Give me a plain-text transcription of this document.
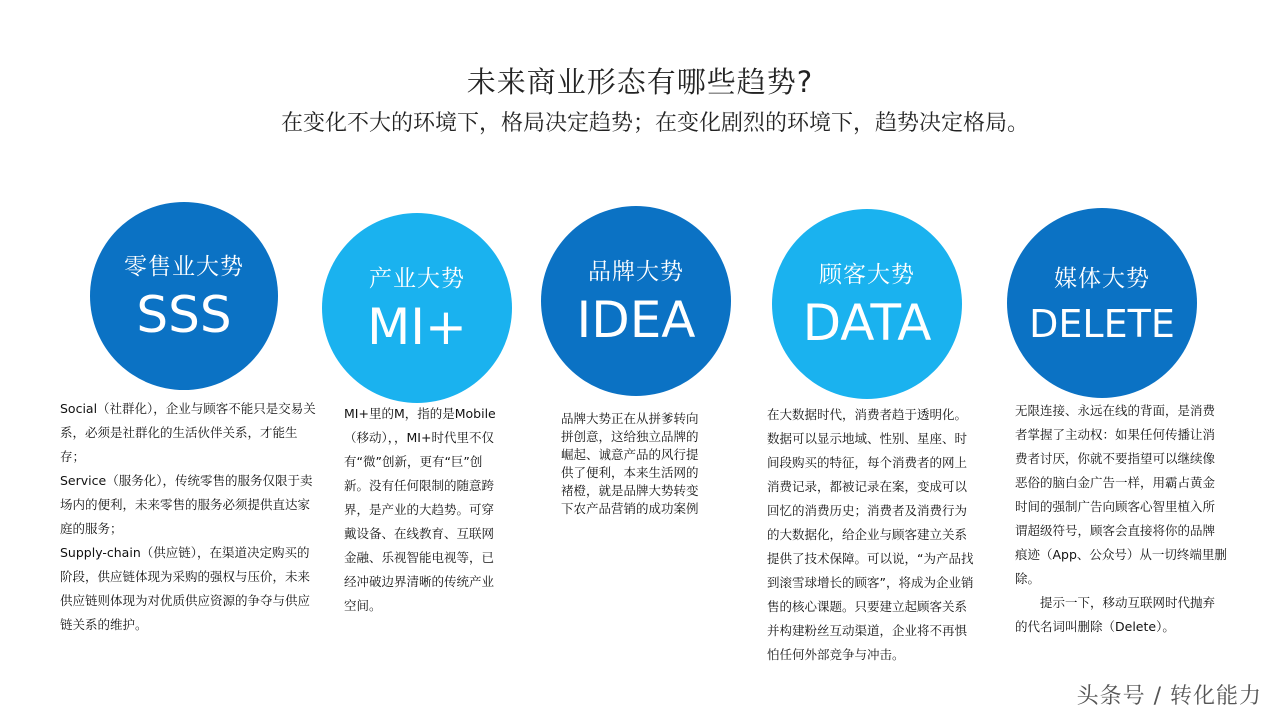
未来商业形态有哪些趋势?
在变化不大的环境下，格局决定趋势；在变化剧烈的环境下，趋势决定格局。
零售业大势
SSS
产业大势
MI+
品牌大势
IDEA
顾客大势
DATA
媒体大势
DELETE

Social（社群化），企业与顾客不能只是交易关系，必须是社群化的生活伙伴关系，才能生存；

Service（服务化），传统零售的服务仅限于卖场内的便利，未来零售的服务必须提供直达家庭的服务；

Supply-chain（供应链），在渠道决定购买的阶段，供应链体现为采购的强权与压价，未来供应链则体现为对优质供应资源的争夺与供应链关系的维护。

MI+里的M，指的是Mobile（移动），，MI+时代里不仅有“微”创新，更有“巨”创新。没有任何限制的随意跨界，是产业的大趋势。可穿戴设备、在线教育、互联网金融、乐视智能电视等，已经冲破边界清晰的传统产业空间。

品牌大势正在从拼爹转向拼创意，这给独立品牌的崛起、诚意产品的风行提供了便利，本来生活网的褚橙，就是品牌大势转变下农产品营销的成功案例

在大数据时代，消费者趋于透明化。数据可以显示地域、性别、星座、时间段购买的特征，每个消费者的网上消费记录，都被记录在案，变成可以回忆的消费历史；消费者及消费行为的大数据化，给企业与顾客建立关系提供了技术保障。可以说，“为产品找到滚雪球增长的顾客”，将成为企业销售的核心课题。只要建立起顾客关系并构建粉丝互动渠道，企业将不再惧怕任何外部竞争与冲击。

无限连接、永远在线的背面，是消费者掌握了主动权：如果任何传播让消费者讨厌，你就不要指望可以继续像恶俗的脑白金广告一样，用霸占黄金时间的强制广告向顾客心智里植入所谓超级符号，顾客会直接将你的品牌痕迹（App、公众号）从一切终端里删除。

提示一下，移动互联网时代抛弃的代名词叫删除（Delete）。

头条号 / 转化能力
